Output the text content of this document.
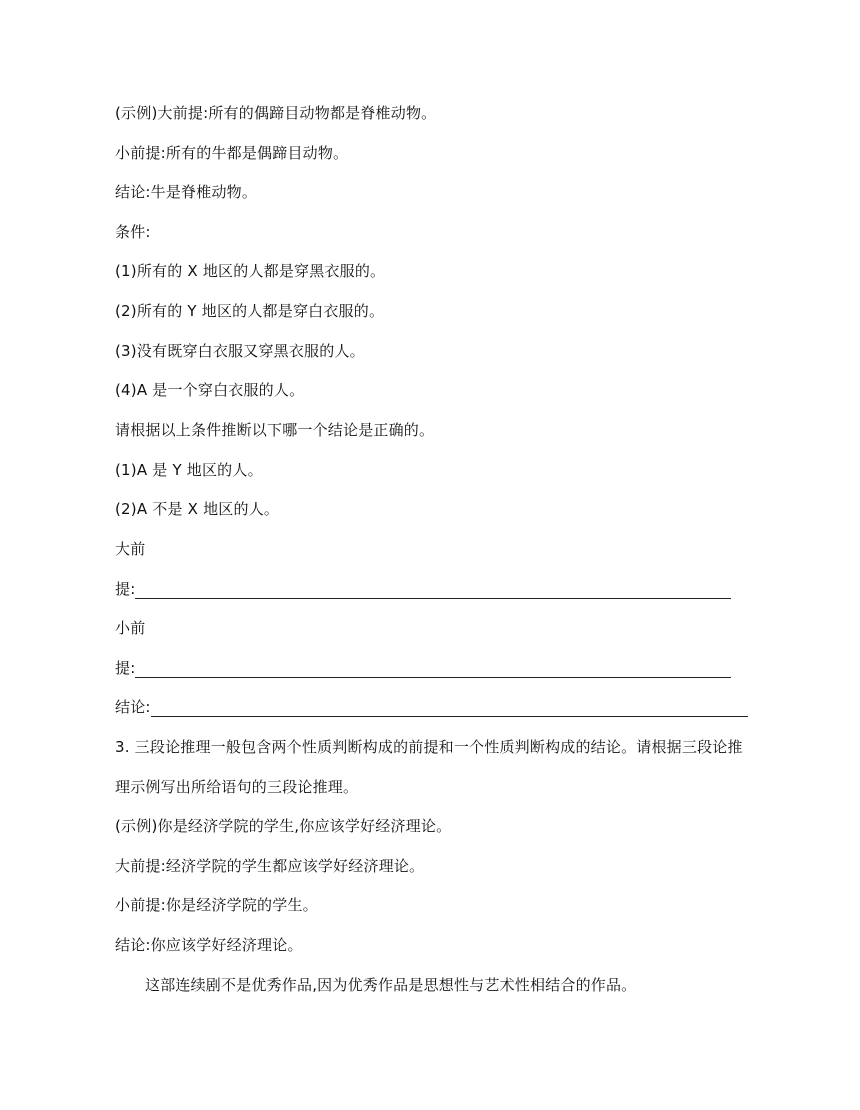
(示例)大前提:所有的偶蹄目动物都是脊椎动物。
小前提:所有的牛都是偶蹄目动物。
结论:牛是脊椎动物。
条件:
(1)所有的 X 地区的人都是穿黑衣服的。
(2)所有的 Y 地区的人都是穿白衣服的。
(3)没有既穿白衣服又穿黑衣服的人。
(4)A 是一个穿白衣服的人。
请根据以上条件推断以下哪一个结论是正确的。
(1)A 是 Y 地区的人。
(2)A 不是 X 地区的人。
大前
提:
小前
提:
结论:
3. 三段论推理一般包含两个性质判断构成的前提和一个性质判断构成的结论。请根据三段论推
理示例写出所给语句的三段论推理。
(示例)你是经济学院的学生,你应该学好经济理论。
大前提:经济学院的学生都应该学好经济理论。
小前提:你是经济学院的学生。
结论:你应该学好经济理论。
这部连续剧不是优秀作品,因为优秀作品是思想性与艺术性相结合的作品。
